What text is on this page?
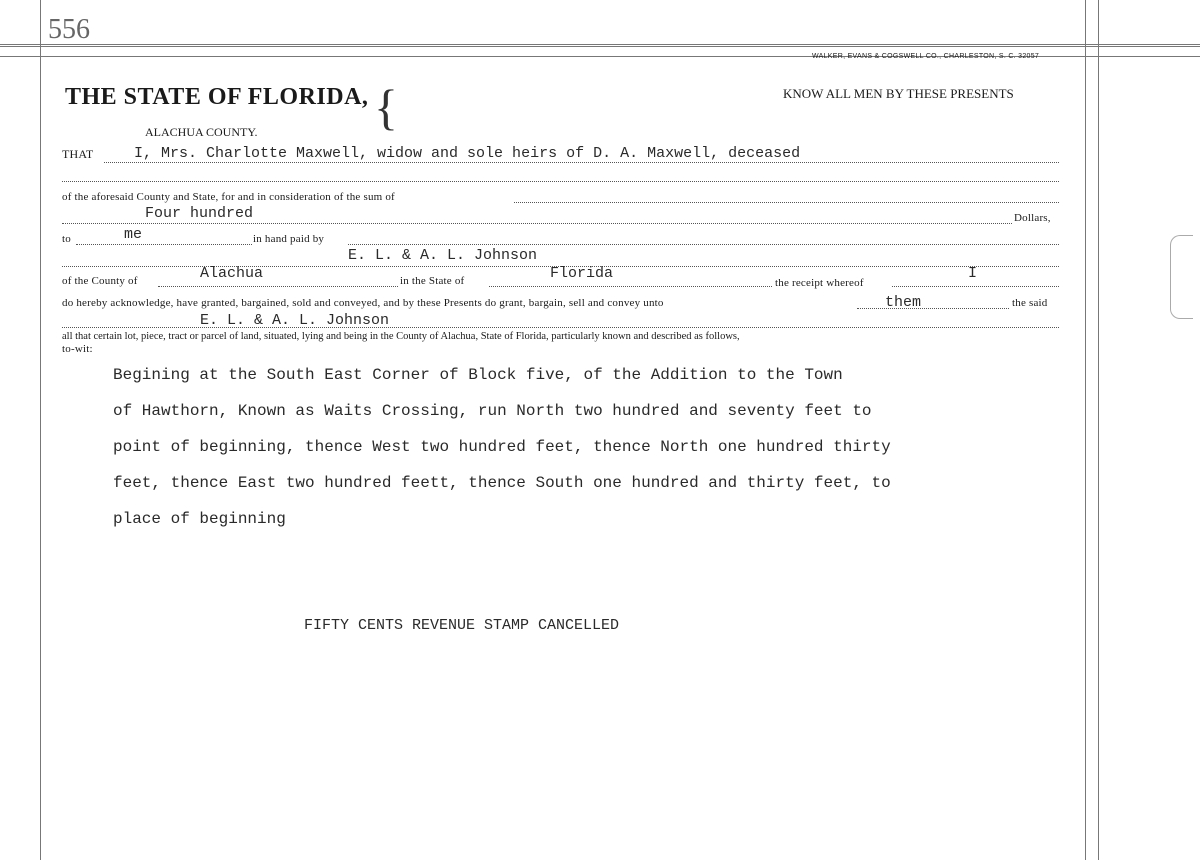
556
WALKER, EVANS & COGSWELL CO., CHARLESTON, S. C. 32057
THE STATE OF FLORIDA, {	KNOW ALL MEN BY THESE PRESENTS
ALACHUA COUNTY.
THAT	I, Mrs. Charlotte Maxwell, widow and sole heirs of D. A. Maxwell, deceased
of the aforesaid County and State, for and in consideration of the sum of
Four hundred	Dollars,
to	me	in hand paid by
E. L. & A. L. Johnson
of the County of	Alachua	in the State of	Florida
the receipt whereof
I
do hereby acknowledge, have granted, bargained, sold and conveyed, and by these Presents do grant, bargain, sell and convey unto	them	the said
E. L. & A. L. Johnson
all that certain lot, piece, tract or parcel of land, situated, lying and being in the County of Alachua, State of Florida, particularly known and described as follows,
to-wit:
Begining at the South East Corner of Block five, of the Addition to the Town
of Hawthorn, Known as Waits Crossing, run North two hundred and seventy feet to
point of beginning, thence West two hundred feet, thence North one hundred thirty
feet, thence East two hundred feett, thence South one hundred and thirty feet, to
place of beginning
FIFTY CENTS REVENUE STAMP CANCELLED
